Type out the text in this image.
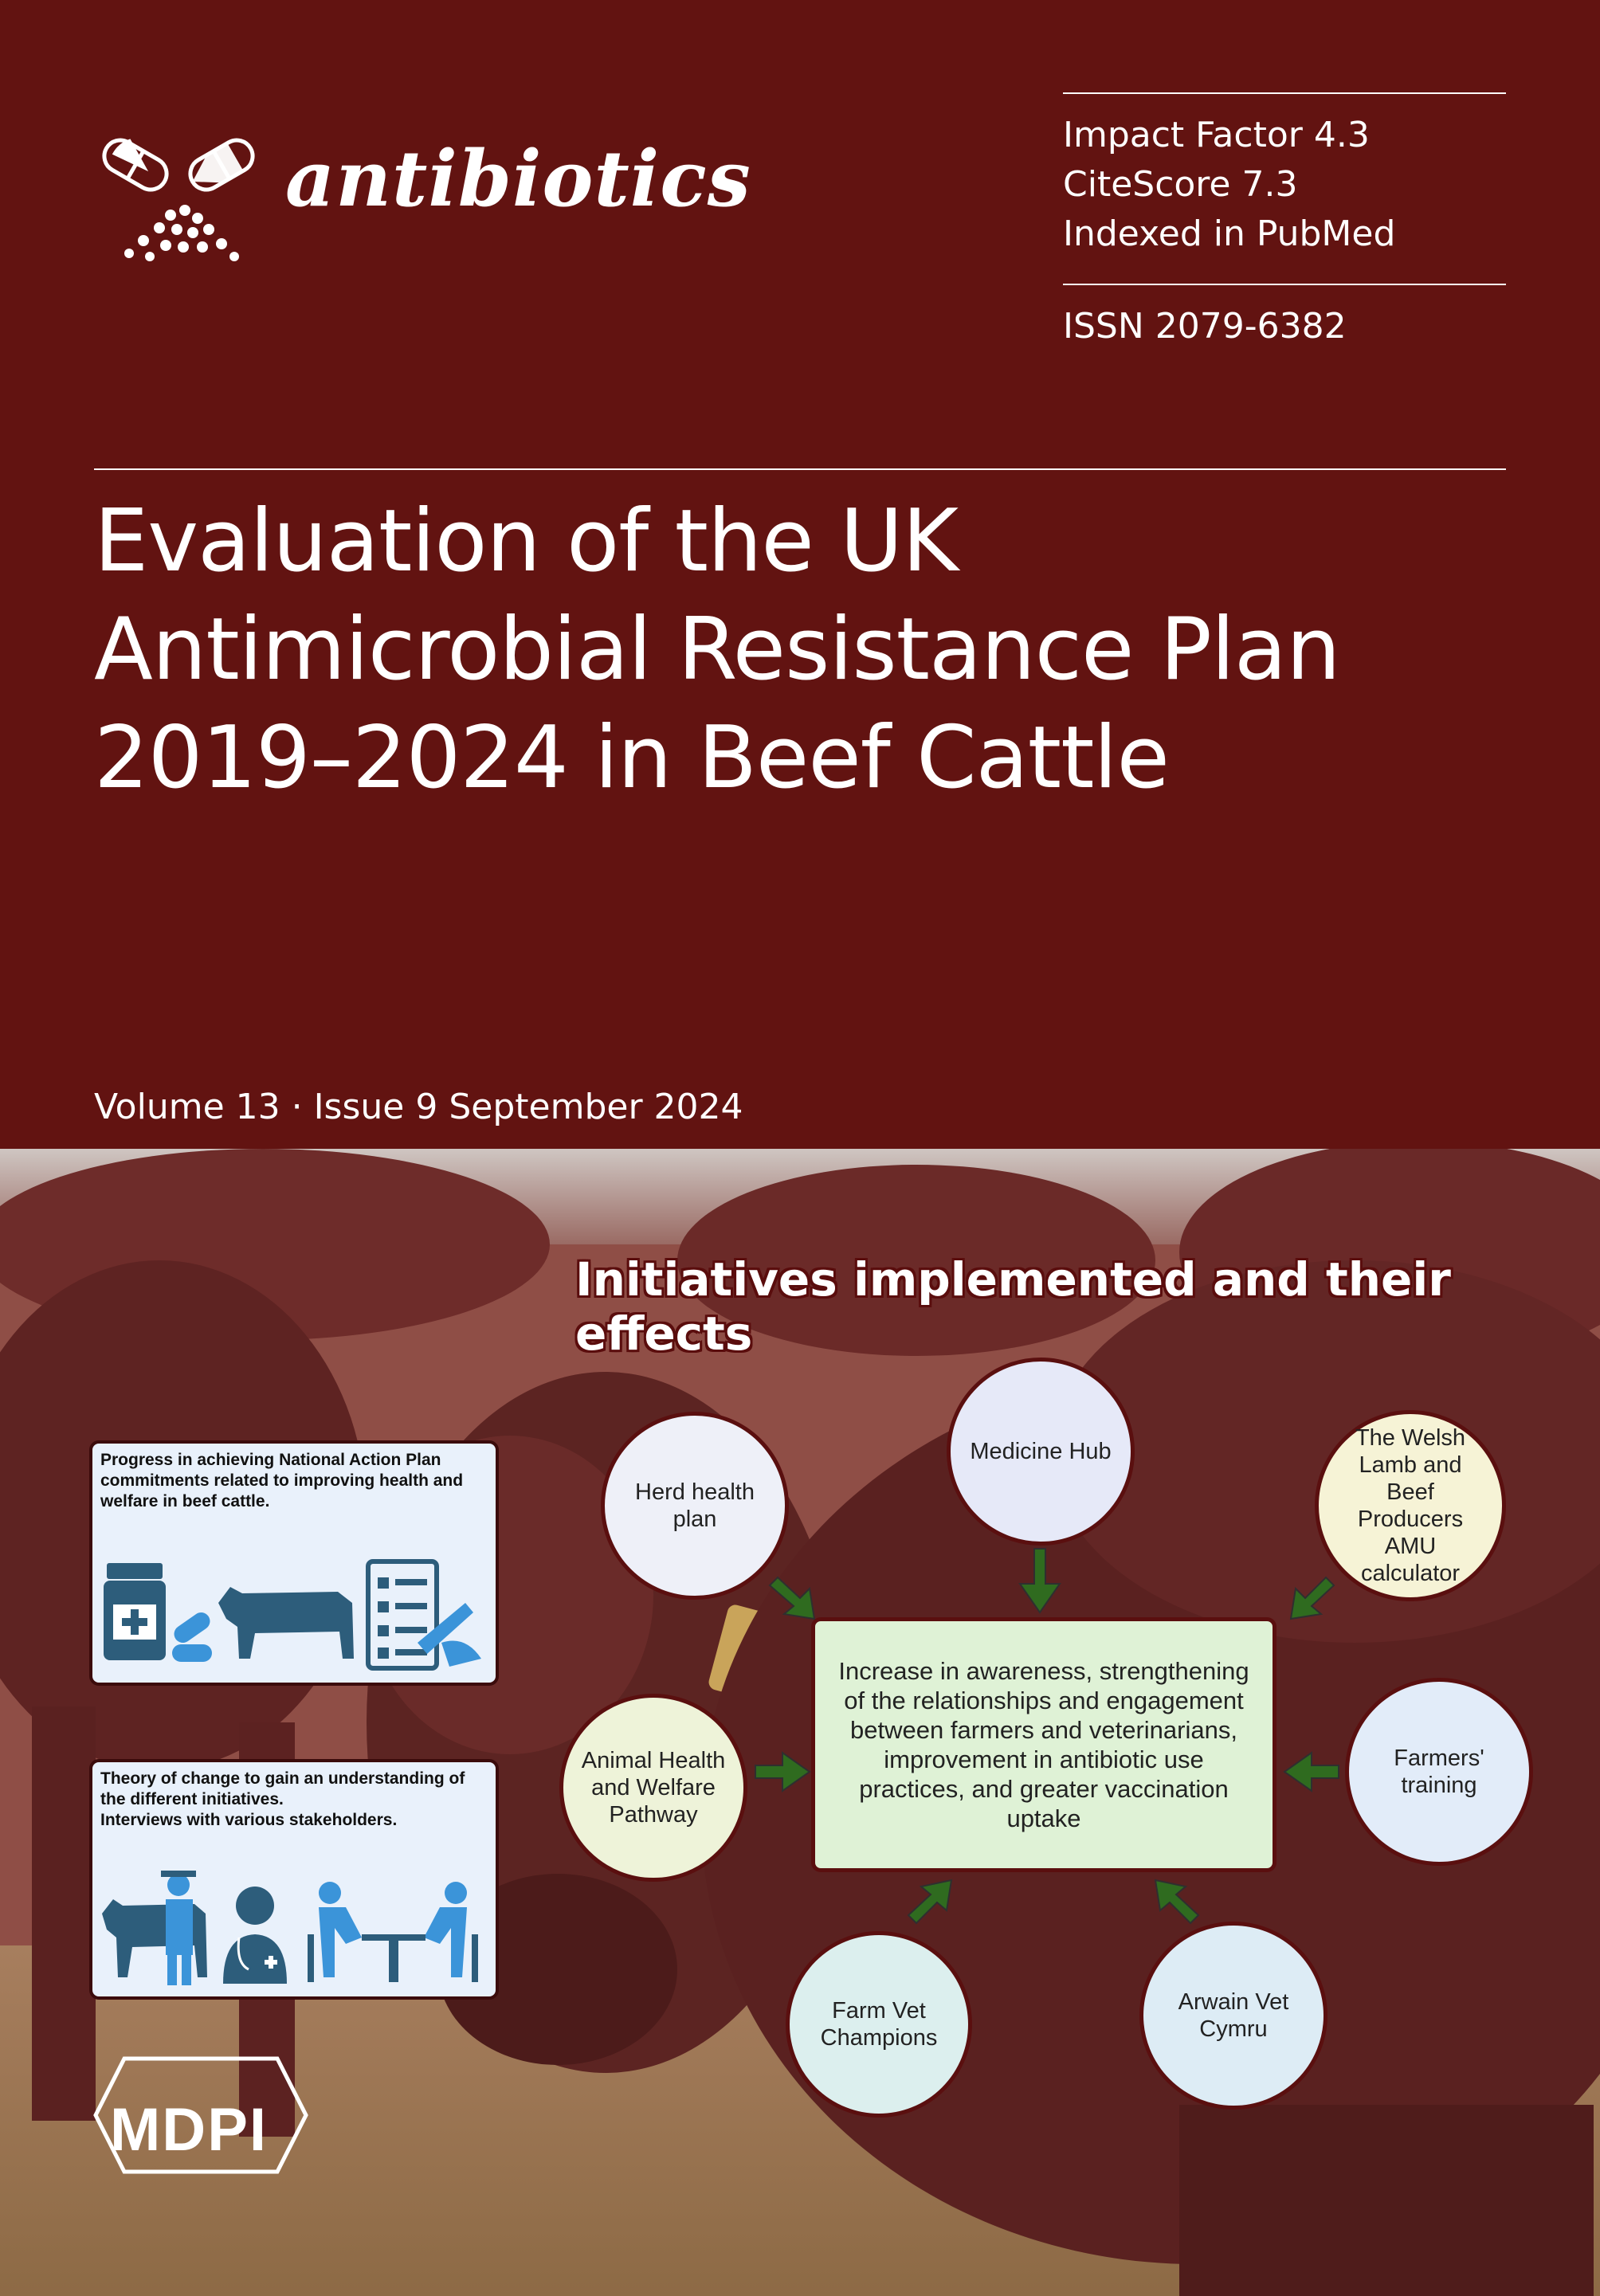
antibiotics	Impact Factor 4.3
CiteScore 7.3
Indexed in PubMed
ISSN 2079-6382
Evaluation of the UK
Antimicrobial Resistance Plan
2019–2024 in Beef Cattle
Volume 13 · Issue 9 September 2024
Initiatives implemented and their effects
Progress in achieving National Action Plan
commitments related to improving health and
welfare in beef cattle.
Theory of change to gain an understanding of
the different initiatives.
Interviews with various stakeholders.
Herd health plan
Medicine Hub
The Welsh Lamb and Beef Producers AMU calculator
Animal Health and Welfare Pathway
Farmers' training
Farm Vet Champions
Arwain Vet Cymru
Increase in awareness, strengthening of the relationships and engagement between farmers and veterinarians, improvement in antibiotic use practices, and greater vaccination uptake
MDPI
